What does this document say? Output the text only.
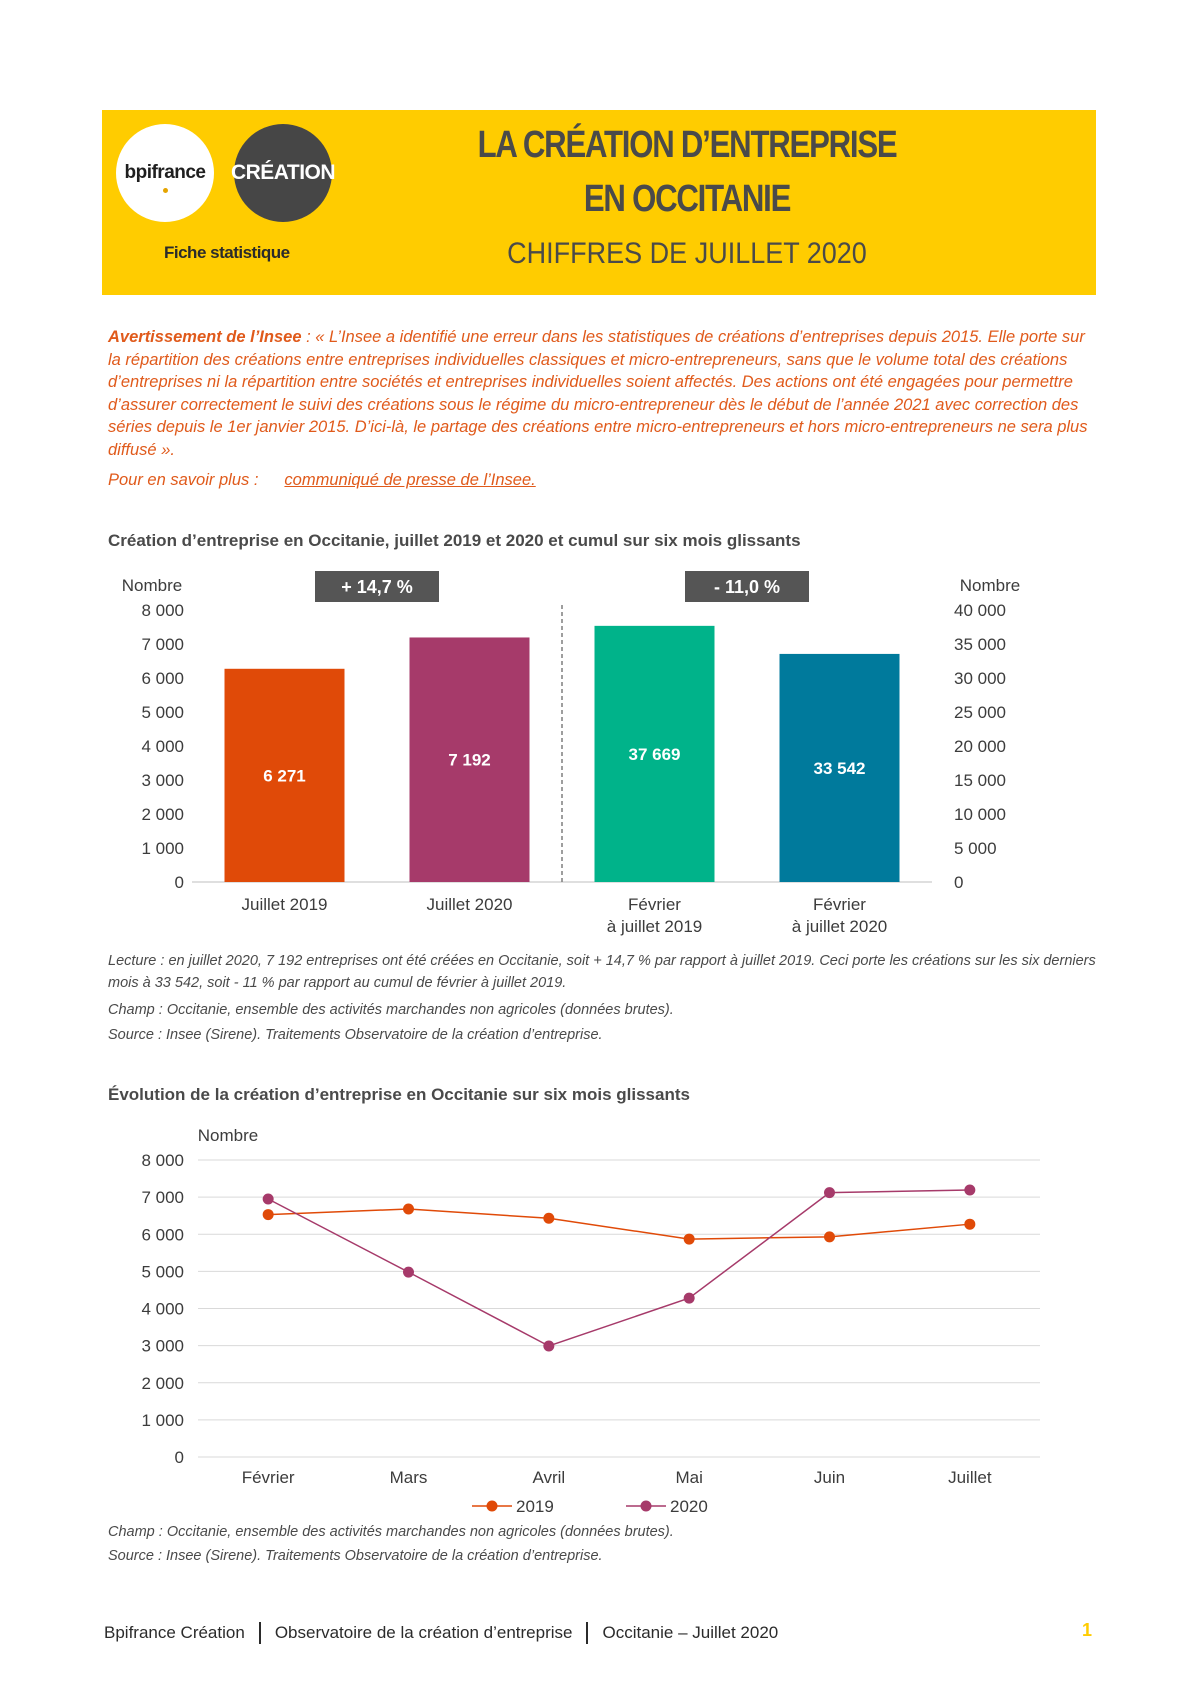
bpifrance CRÉATION
Fiche statistique
LA CRÉATION D’ENTREPRISE
EN OCCITANIE
CHIFFRES DE JUILLET 2020
Avertissement de l’Insee : « L’Insee a identifié une erreur dans les statistiques de créations d’entreprises depuis 2015. Elle porte sur la répartition des créations entre entreprises individuelles classiques et micro-entrepreneurs, sans que le volume total des créations d’entreprises ni la répartition entre sociétés et entreprises individuelles soient affectés. Des actions ont été engagées pour permettre d’assurer correctement le suivi des créations sous le régime du micro-entrepreneur dès le début de l’année 2021 avec correction des séries depuis le 1er janvier 2015. D’ici-là, le partage des créations entre micro-entrepreneurs et hors micro-entrepreneurs ne sera plus diffusé ».
Pour en savoir plus : communiqué de presse de l’Insee.
Création d’entreprise en Occitanie, juillet 2019 et 2020 et cumul sur six mois glissants
Nombre	Nombre
0
1 000
2 000
3 000
4 000
5 000
6 000
7 000
8 000
0
5 000
10 000
15 000
20 000
25 000
30 000
35 000
40 000
6 271
Juillet 2019
7 192
Juillet 2020
37 669
Février
à juillet 2019
33 542
Février
à juillet 2020
+ 14,7 %	- 11,0 %
Lecture : en juillet 2020, 7 192 entreprises ont été créées en Occitanie, soit + 14,7 % par rapport à juillet 2019. Ceci porte les créations sur les six derniers mois à 33 542, soit - 11 % par rapport au cumul de février à juillet 2019.
Champ : Occitanie, ensemble des activités marchandes non agricoles (données brutes).
Source : Insee (Sirene). Traitements Observatoire de la création d’entreprise.
Évolution de la création d’entreprise en Occitanie sur six mois glissants
Nombre
0
1 000
2 000
3 000
4 000
5 000
6 000
7 000
8 000
Février	Mars	Avril	Mai	Juin	Juillet
2019	2020
Champ : Occitanie, ensemble des activités marchandes non agricoles (données brutes).
Source : Insee (Sirene). Traitements Observatoire de la création d’entreprise.
Bpifrance Création Observatoire de la création d’entreprise Occitanie – Juillet 2020	1
